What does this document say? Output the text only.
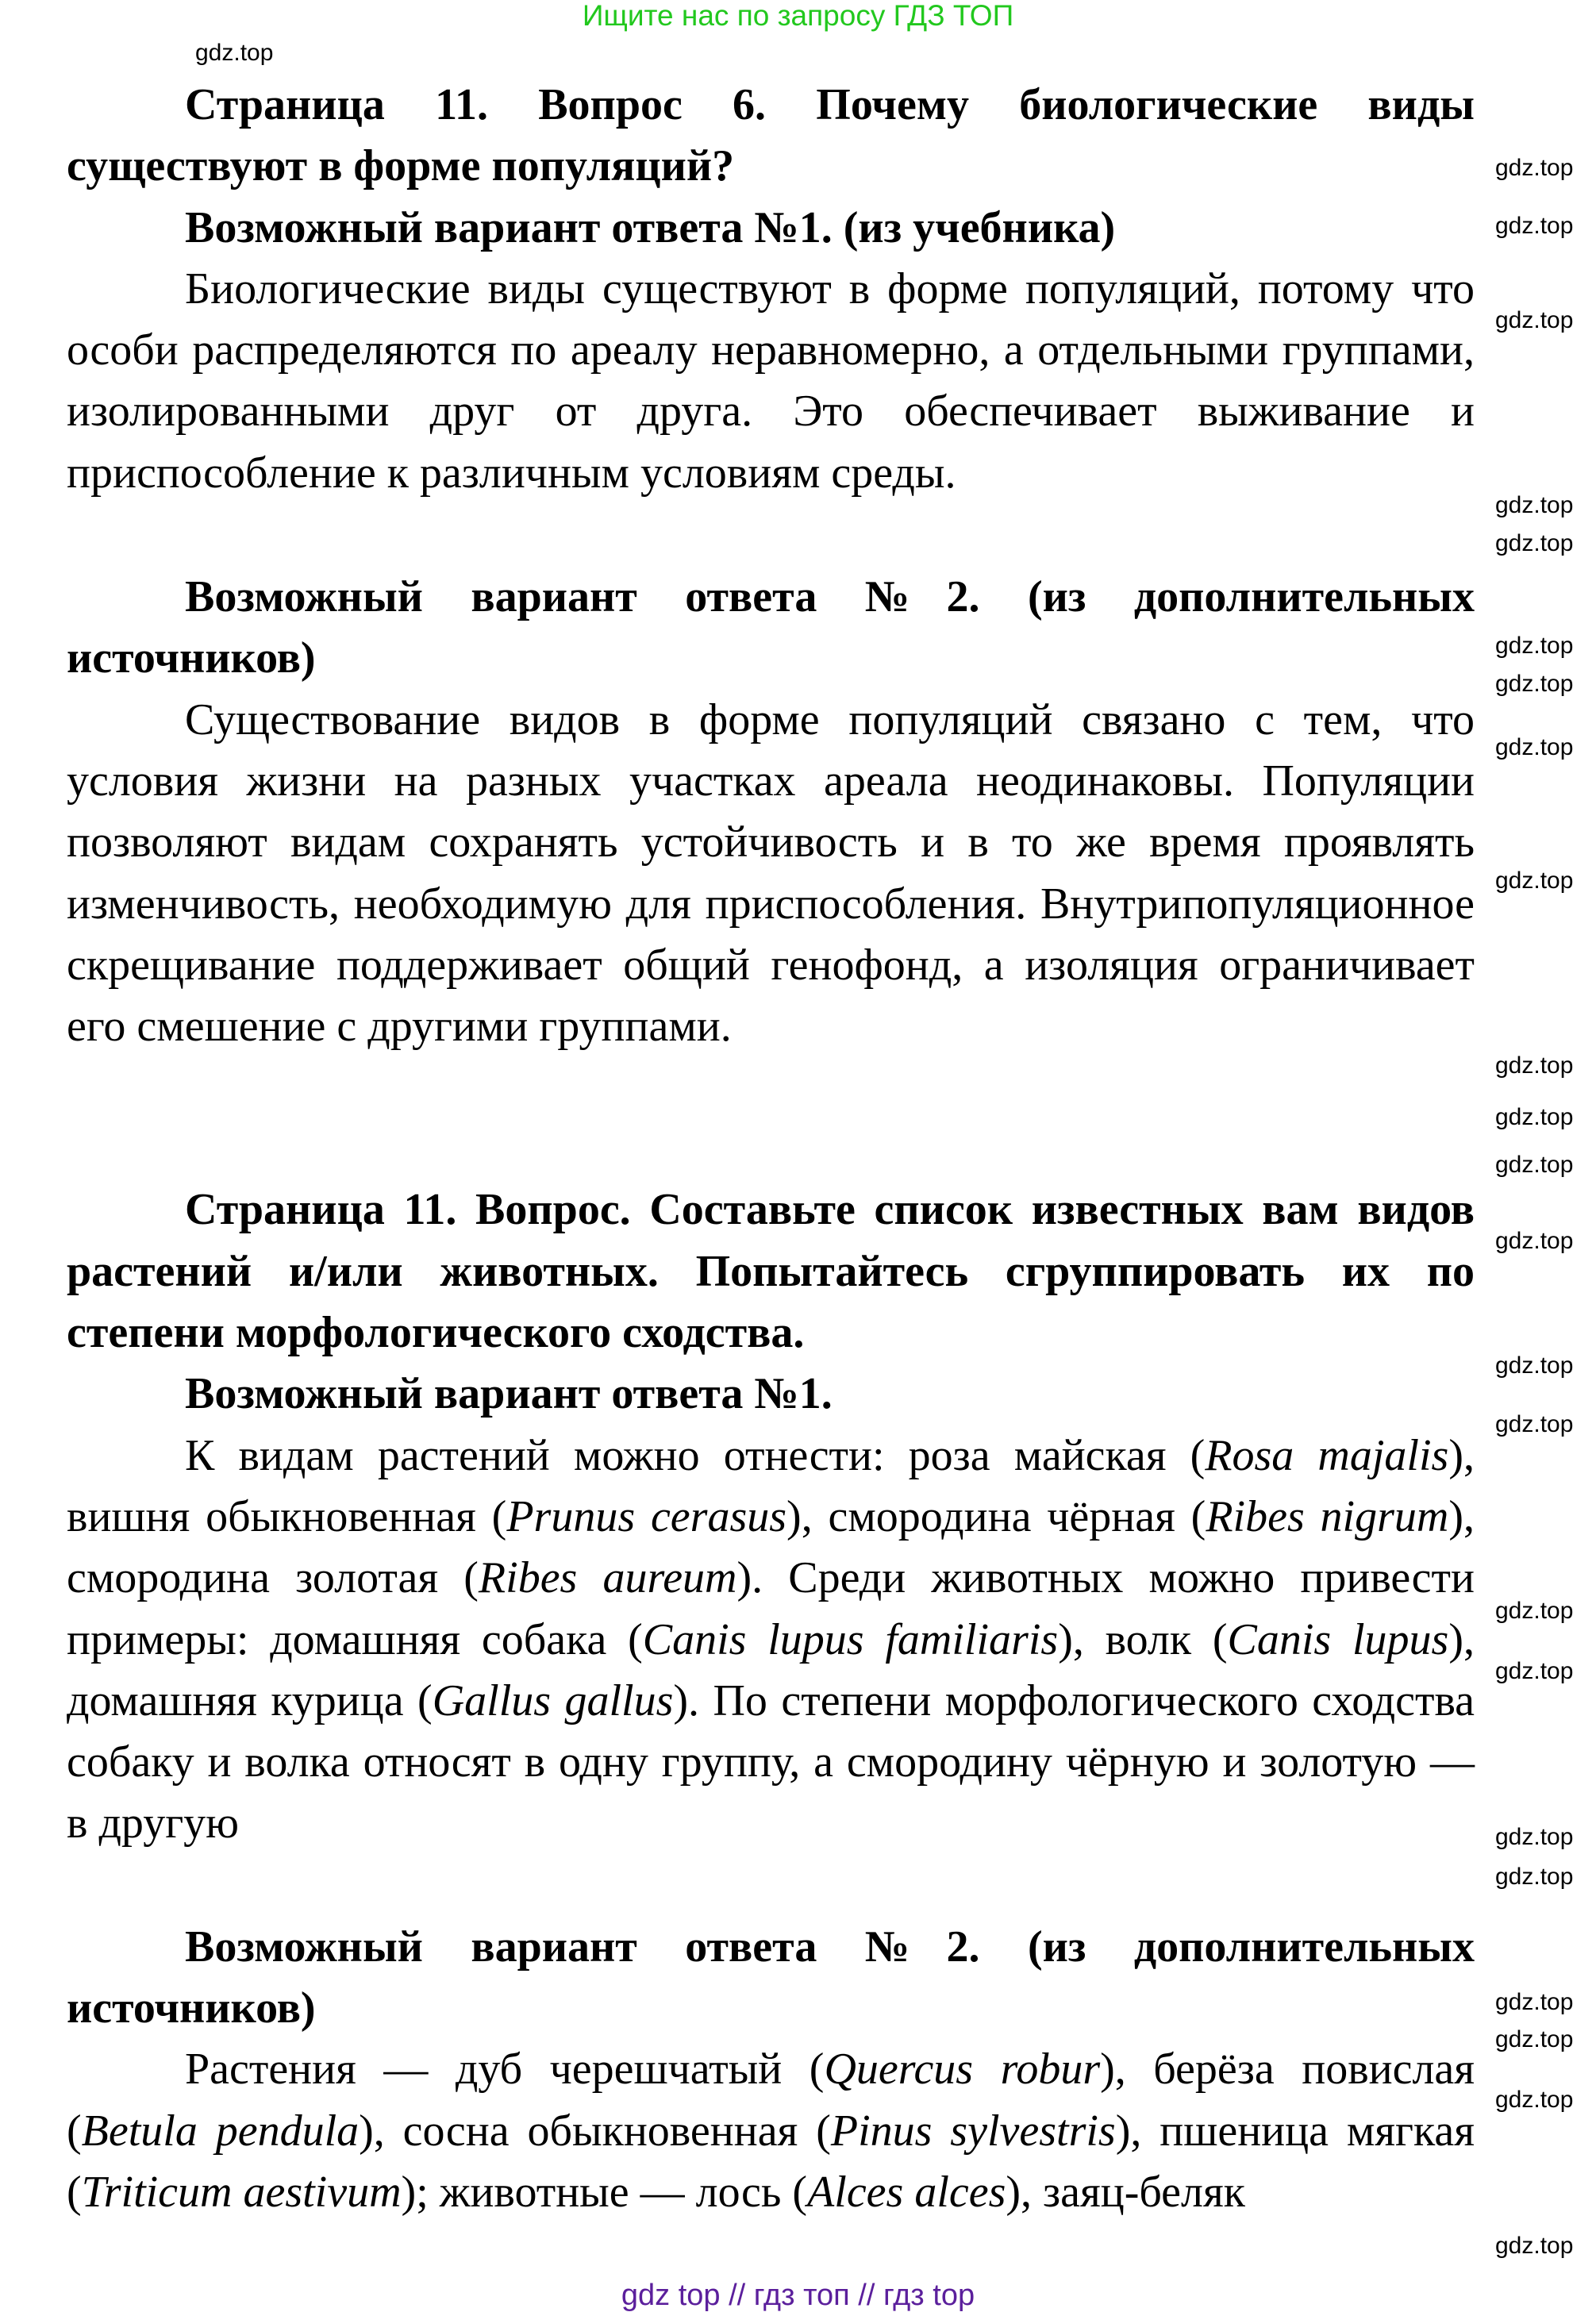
Ищите нас по запросу ГДЗ ТОП

Страница 11. Вопрос 6. Почему биологические виды существуют в форме популяций?

Возможный вариант ответа №1. (из учебника)

Биологические виды существуют в форме популяций, потому что особи распределяются по ареалу неравномерно, а отдельными группами, изолированными друг от друга. Это обеспечивает выживание и приспособление к различным условиям среды.

Возможный вариант ответа №2. (из дополнительных источников)

Существование видов в форме популяций связано с тем, что условия жизни на разных участках ареала неодинаковы. Популяции позволяют видам сохранять устойчивость и в то же время проявлять изменчивость, необходимую для приспособления. Внутрипопуляционное скрещивание поддерживает общий генофонд, а изоляция ограничивает его смешение с другими группами.

Страница 11. Вопрос. Составьте список известных вам видов растений и/или животных. Попытайтесь сгруппировать их по степени морфологического сходства.

Возможный вариант ответа №1.

К видам растений можно отнести: роза майская (Rosa majalis), вишня обыкновенная (Prunus cerasus), смородина чёрная (Ribes nigrum), смородина золотая (Ribes aureum). Среди животных можно привести примеры: домашняя собака (Canis lupus familiaris), волк (Canis lupus), домашняя курица (Gallus gallus). По степени морфологического сходства собаку и волка относят в одну группу, а смородину чёрную и золотую — в другую

Возможный вариант ответа №2. (из дополнительных источников)

Растения — дуб черешчатый (Quercus robur), берёза повислая (Betula pendula), сосна обыкновенная (Pinus sylvestris), пшеница мягкая (Triticum aestivum); животные — лось (Alces alces), заяц-беляк

gdz.top
gdz.top
gdz.top
gdz.top
gdz.top
gdz.top
gdz.top
gdz.top
gdz.top
gdz.top
gdz.top
gdz.top
gdz.top
gdz.top
gdz.top
gdz.top
gdz.top
gdz.top
gdz.top
gdz.top
gdz.top
gdz.top
gdz.top
gdz.top
gdz top // гдз топ // гдз top
